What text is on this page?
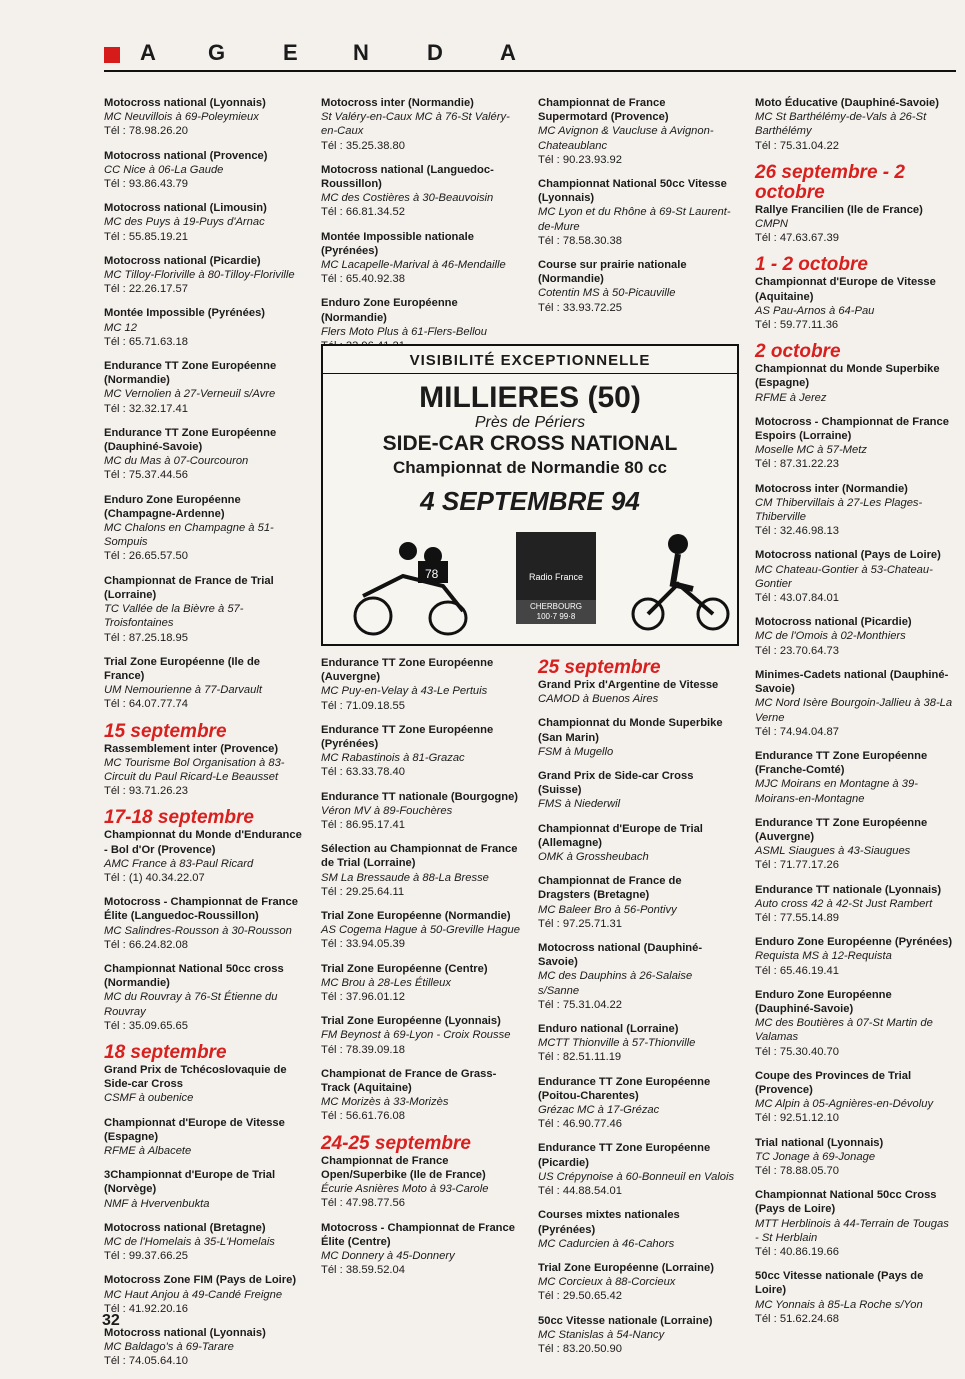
A G	E	N	D	A
Motocross national (Lyonnais)
MC Neuvillois à 69-Poleymieux
Tél : 78.98.26.20
Motocross national (Provence)
CC Nice à 06-La Gaude
Tél : 93.86.43.79
Motocross national (Limousin)
MC des Puys à 19-Puys d'Arnac
Tél : 55.85.19.21
Motocross national (Picardie)
MC Tilloy-Floriville à 80-Tilloy-Floriville
Tél : 22.26.17.57
Montée Impossible (Pyrénées)
MC 12
Tél : 65.71.63.18
Endurance TT Zone Européenne (Normandie)
MC Vernolien à 27-Verneuil s/Avre
Tél : 32.32.17.41
Endurance TT Zone Européenne (Dauphiné-Savoie)
MC du Mas à 07-Courcouron
Tél : 75.37.44.56
Enduro Zone Européenne (Champagne-Ardenne)
MC Chalons en Champagne à 51-Sompuis
Tél : 26.65.57.50
Championnat de France de Trial (Lorraine)
TC Vallée de la Bièvre à 57-Troisfontaines
Tél : 87.25.18.95
Trial Zone Européenne (Ile de France)
UM Nemourienne à 77-Darvault
Tél : 64.07.77.74
15 septembre
Rassemblement inter (Provence)
MC Tourisme Bol Organisation à 83-Circuit du Paul Ricard-Le Beausset
Tél : 93.71.26.23
17-18 septembre
Championnat du Monde d'Endurance - Bol d'Or (Provence)
AMC France à 83-Paul Ricard
Tél : (1) 40.34.22.07
Motocross - Championnat de France Élite (Languedoc-Roussillon)
MC Salindres-Rousson à 30-Rousson
Tél : 66.24.82.08
Championnat National 50cc cross (Normandie)
MC du Rouvray à 76-St Étienne du Rouvray
Tél : 35.09.65.65
18 septembre
Grand Prix de Tchécoslovaquie de Side-car Cross
CSMF à oubenice
Championnat d'Europe de Vitesse (Espagne)
RFME à Albacete
3Championnat d'Europe de Trial (Norvège)
NMF à Hvervenbukta
Motocross national (Bretagne)
MC de l'Homelais à 35-L'Homelais
Tél : 99.37.66.25
Motocross Zone FIM (Pays de Loire)
MC Haut Anjou à 49-Candé Freigne
Tél : 41.92.20.16
Motocross national (Lyonnais)
MC Baldago's à 69-Tarare
Tél : 74.05.64.10
Motocross inter (Normandie)
St Valéry-en-Caux MC à 76-St Valéry-en-Caux
Tél : 35.25.38.80
Motocross national (Languedoc-Roussillon)
MC des Costières à 30-Beauvoisin
Tél : 66.81.34.52
Montée Impossible nationale (Pyrénées)
MC Lacapelle-Marival à 46-Mendaille
Tél : 65.40.92.38
Enduro Zone Européenne (Normandie)
Flers Moto Plus à 61-Flers-Bellou
Championnat de France Supermotard (Provence)
MC Avignon & Vaucluse à Avignon-Chateaublanc
Tél : 90.23.93.92
Championnat National 50cc Vitesse (Lyonnais)
MC Lyon et du Rhône à 69-St Laurent-de-Mure
Tél : 78.58.30.38
Course sur prairie nationale (Normandie)
Cotentin MS à 50-Picauville
Tél : 33.93.72.25
Endurance TT Zone Européenne (Auvergne)
MC Puy-en-Velay à 43-Le Pertuis
Tél : 71.09.18.55
Endurance TT Zone Européenne (Pyrénées)
MC Rabastinois à 81-Grazac
Tél : 63.33.78.40
Endurance TT nationale (Bourgogne)
Véron MV à 89-Fouchères
Tél : 86.95.17.41
Sélection au Championnat de France de Trial (Lorraine)
SM La Bressaude à 88-La Bresse
Tél : 29.25.64.11
Trial Zone Européenne (Normandie)
AS Cogema Hague à 50-Greville Hague
Tél : 33.94.05.39
Trial Zone Européenne (Centre)
MC Brou à 28-Les Étilleux
Tél : 37.96.01.12
Trial Zone Européenne (Lyonnais)
FM Beynost à 69-Lyon - Croix Rousse
Tél : 78.39.09.18
Championat de France de Grass-Track (Aquitaine)
MC Morizès à 33-Morizès
Tél : 56.61.76.08
24-25 septembre
Championnat de France Open/Superbike (Ile de France)
Écurie Asnières Moto à 93-Carole
Tél : 47.98.77.56
Motocross - Championnat de France Élite (Centre)
MC Donnery à 45-Donnery
Tél : 38.59.52.04
25 septembre
Grand Prix d'Argentine de Vitesse
CAMOD à Buenos Aires
Championnat du Monde Superbike (San Marin)
FSM à Mugello
Grand Prix de Side-car Cross (Suisse)
FMS à Niederwil
Championnat d'Europe de Trial (Allemagne)
OMK à Grossheubach
Championnat de France de Dragsters (Bretagne)
MC Baleer Bro à 56-Pontivy
Tél : 97.25.71.31
Motocross national (Dauphiné-Savoie)
MC des Dauphins à 26-Salaise s/Sanne
Tél : 75.31.04.22
Enduro national (Lorraine)
MCTT Thionville à 57-Thionville
Tél : 82.51.11.19
Endurance TT Zone Européenne (Poitou-Charentes)
Grézac MC à 17-Grézac
Tél : 46.90.77.46
Endurance TT Zone Européenne (Picardie)
US Crépynoise à 60-Bonneuil en Valois
Tél : 44.88.54.01
Courses mixtes nationales (Pyrénées)
MC Cadurcien à 46-Cahors
Trial Zone Européenne (Lorraine)
MC Corcieux à 88-Corcieux
Tél : 29.50.65.42
50cc Vitesse nationale (Lorraine)
MC Stanislas à 54-Nancy
Tél : 83.20.50.90
Moto Éducative (Dauphiné-Savoie)
MC St Barthélémy-de-Vals à 26-St Barthélémy
Tél : 75.31.04.22
26 septembre - 2 octobre
Rallye Francilien (Ile de France)
CMPN
Tél : 47.63.67.39
1 - 2 octobre
Championnat d'Europe de Vitesse (Aquitaine)
AS Pau-Arnos à 64-Pau
Tél : 59.77.11.36
2 octobre
Championnat du Monde Superbike (Espagne)
RFME à Jerez
Motocross - Championnat de France Espoirs (Lorraine)
Moselle MC à 57-Metz
Tél : 87.31.22.23
Motocross inter (Normandie)
CM Thibervillais à 27-Les Plages-Thiberville
Tél : 32.46.98.13
Motocross national (Pays de Loire)
MC Chateau-Gontier à 53-Chateau-Gontier
Tél : 43.07.84.01
Motocross national (Picardie)
MC de l'Omois à 02-Monthiers
Tél : 23.70.64.73
Minimes-Cadets national (Dauphiné-Savoie)
MC Nord Isère Bourgoin-Jallieu à 38-La Verne
Tél : 74.94.04.87
Endurance TT Zone Européenne (Franche-Comté)
MJC Moirans en Montagne à 39-Moirans-en-Montagne
Endurance TT Zone Européenne (Auvergne)
ASML Siaugues à 43-Siaugues
Tél : 71.77.17.26
Endurance TT nationale (Lyonnais)
Auto cross 42 à 42-St Just Rambert
Tél : 77.55.14.89
Enduro Zone Européenne (Pyrénées)
Requista MS à 12-Requista
Tél : 65.46.19.41
Enduro Zone Européenne (Dauphiné-Savoie)
MC des Boutières à 07-St Martin de Valamas
Tél : 75.30.40.70
Coupe des Provinces de Trial (Provence)
MC Alpin à 05-Agnières-en-Dévoluy
Tél : 92.51.12.10
Trial national (Lyonnais)
TC Jonage à 69-Jonage
Tél : 78.88.05.70
Championnat National 50cc Cross (Pays de Loire)
MTT Herblinois à 44-Terrain de Tougas - St Herblain
Tél : 40.86.19.66
50cc Vitesse nationale (Pays de Loire)
MC Yonnais à 85-La Roche s/Yon
Tél : 51.62.24.68
VISIBILITÉ EXCEPTIONNELLE
MILLIERES (50)
Près de Périers
SIDE-CAR CROSS NATIONAL
Championnat de Normandie 80 cc
4 SEPTEMBRE 94
78	Radio France
CHERBOURG
100·7 99·8
32
